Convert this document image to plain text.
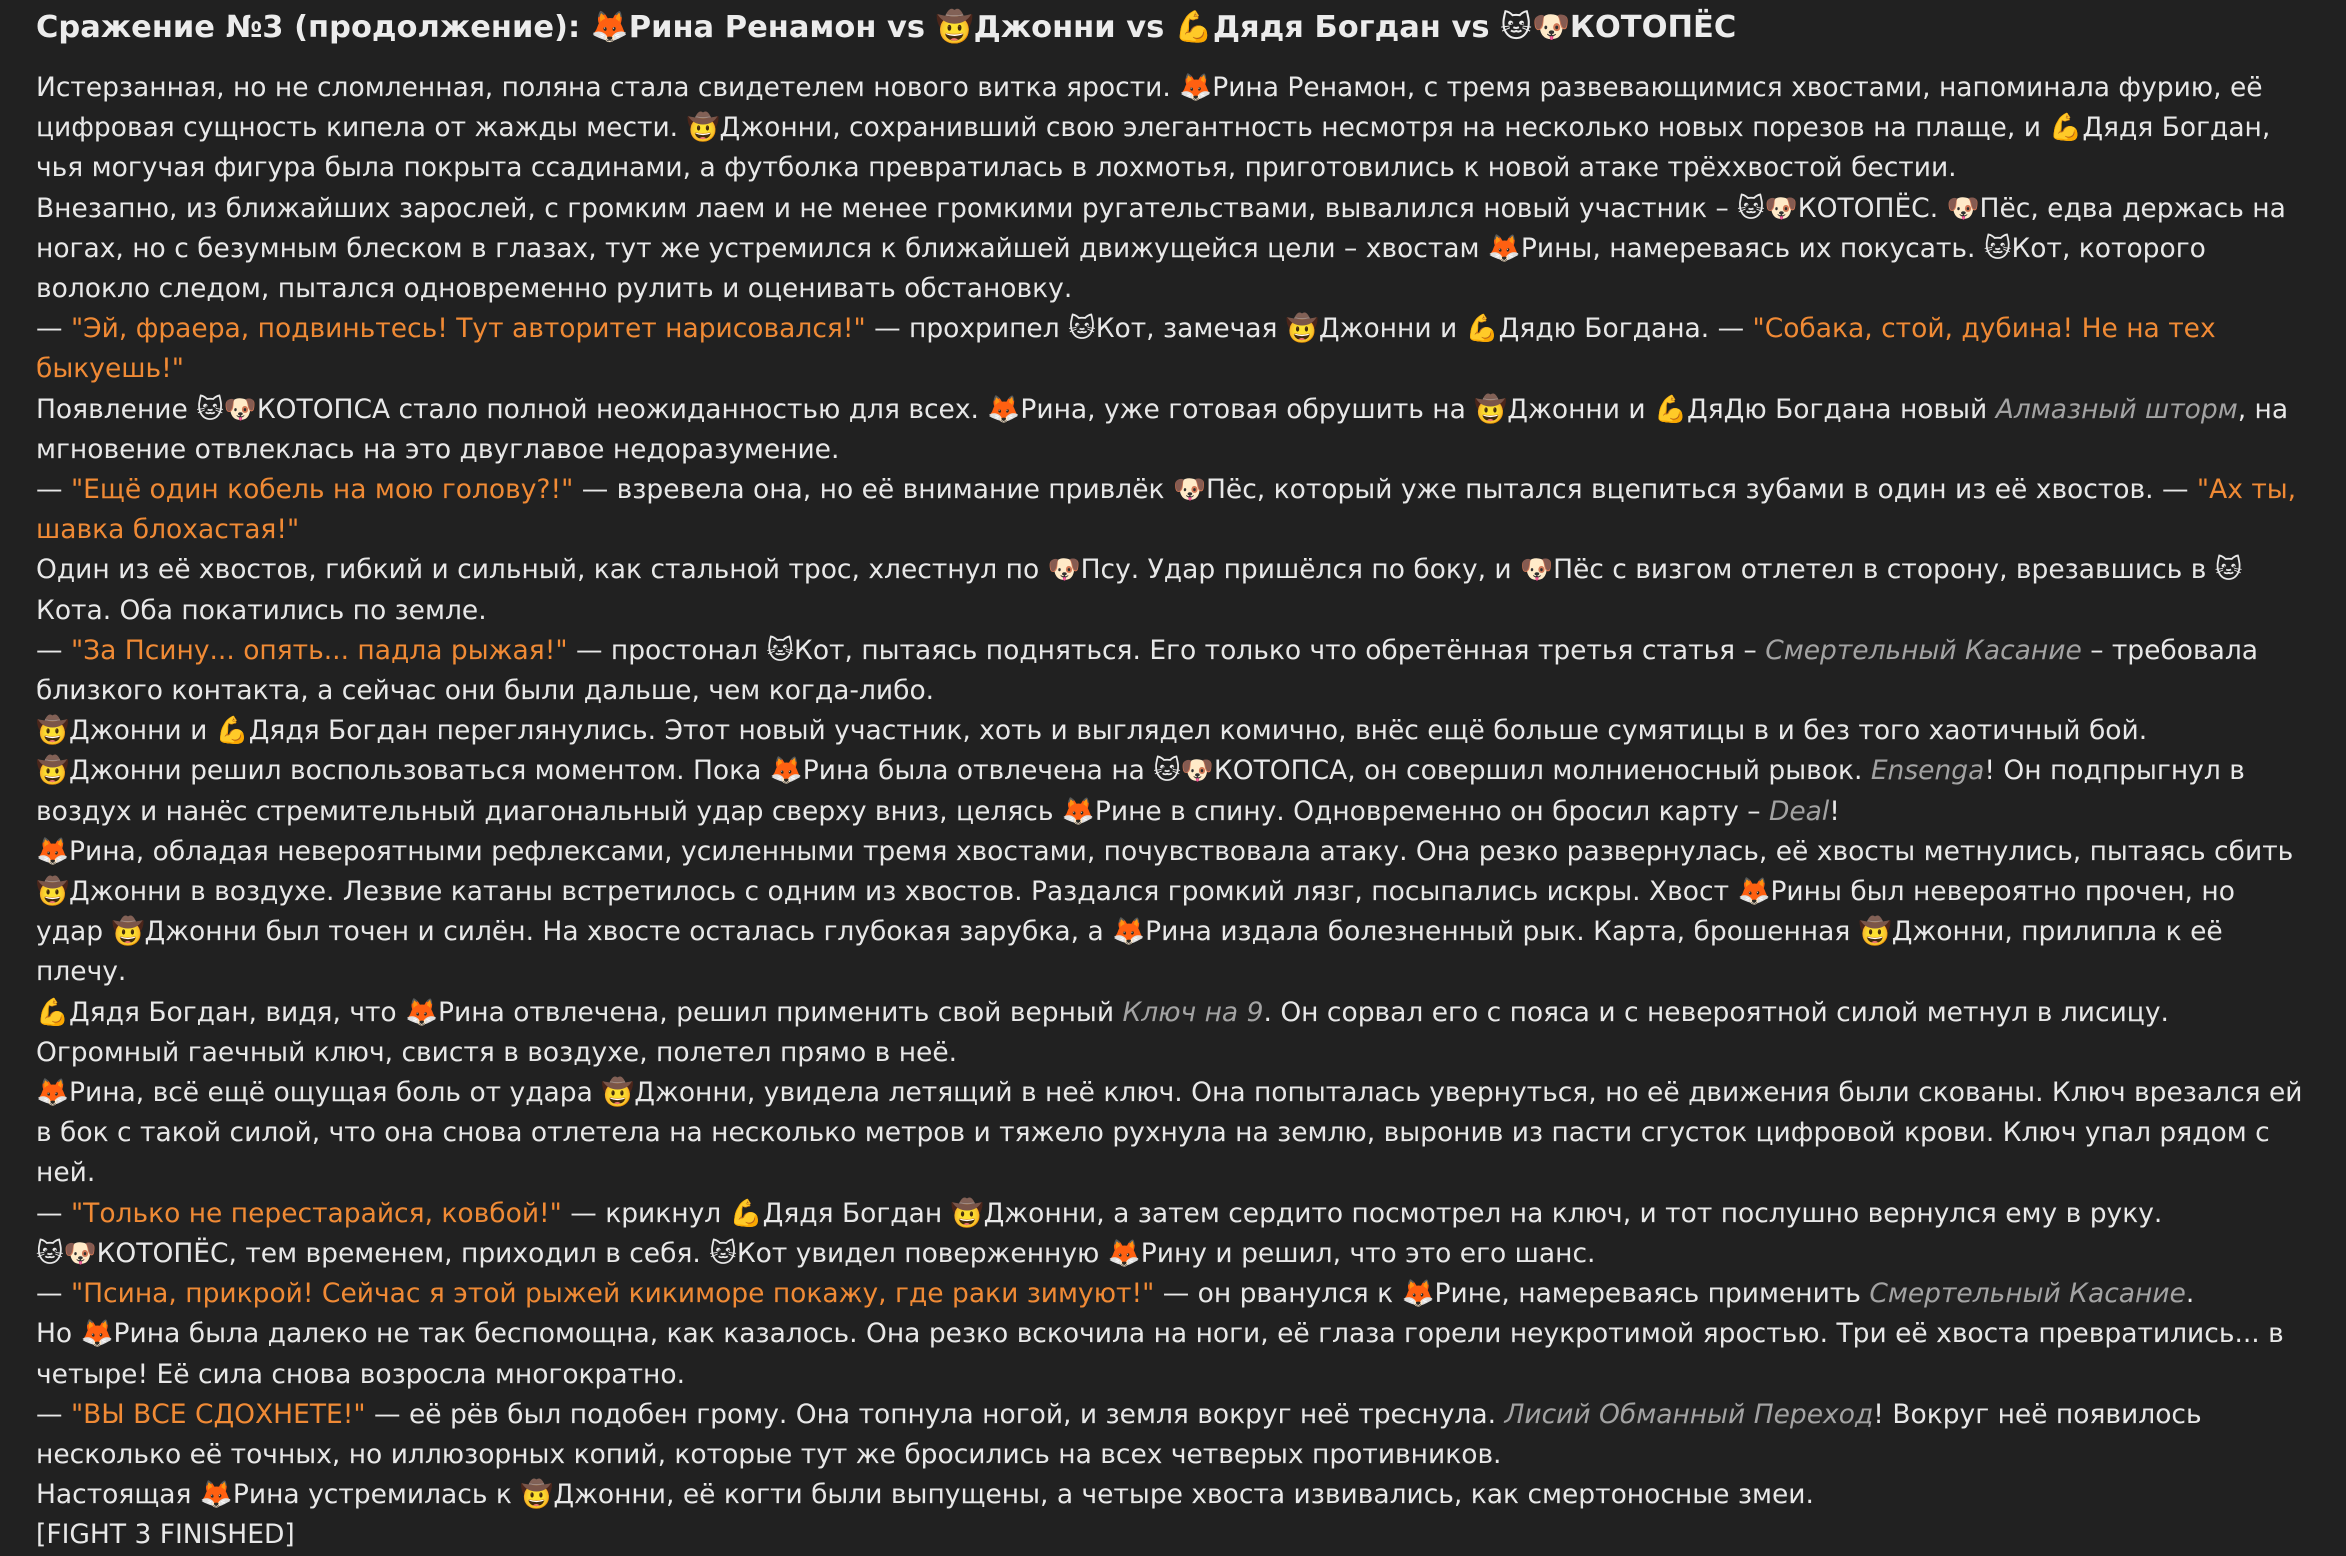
Сражение №3 (продолжение): 🦊Рина Ренамон vs 🤠Джонни vs 💪Дядя Богдан vs 🐱🐶КОТОПЁС

Истерзанная, но не сломленная, поляна стала свидетелем нового витка ярости. 🦊Рина Ренамон, с тремя развевающимися хвостами, напоминала фурию, её цифровая сущность кипела от жажды мести. 🤠Джонни, сохранивший свою элегантность несмотря на несколько новых порезов на плаще, и 💪Дядя Богдан, чья могучая фигура была покрыта ссадинами, а футболка превратилась в лохмотья, приготовились к новой атаке трёххвостой бестии.

Внезапно, из ближайших зарослей, с громким лаем и не менее громкими ругательствами, вывалился новый участник – 🐱🐶КОТОПЁС. 🐶Пёс, едва держась на ногах, но с безумным блеском в глазах, тут же устремился к ближайшей движущейся цели – хвостам 🦊Рины, намереваясь их покусать. 🐱Кот, которого волокло следом, пытался одновременно рулить и оценивать обстановку.

— "Эй, фраера, подвиньтесь! Тут авторитет нарисовался!" — прохрипел 🐱Кот, замечая 🤠Джонни и 💪Дядю Богдана. — "Собака, стой, дубина! Не на тех быкуешь!"

Появление 🐱🐶КОТОПСА стало полной неожиданностью для всех. 🦊Рина, уже готовая обрушить на 🤠Джонни и 💪ДяДю Богдана новый Алмазный шторм, на мгновение отвлеклась на это двуглавое недоразумение.

— "Ещё один кобель на мою голову?!" — взревела она, но её внимание привлёк 🐶Пёс, который уже пытался вцепиться зубами в один из её хвостов. — "Ах ты, шавка блохастая!"

Один из её хвостов, гибкий и сильный, как стальной трос, хлестнул по 🐶Псу. Удар пришёлся по боку, и 🐶Пёс с визгом отлетел в сторону, врезавшись в 🐱Кота. Оба покатились по земле.

— "За Псину... опять... падла рыжая!" — простонал 🐱Кот, пытаясь подняться. Его только что обретённая третья статья – Смертельный Касание – требовала близкого контакта, а сейчас они были дальше, чем когда-либо.

🤠Джонни и 💪Дядя Богдан переглянулись. Этот новый участник, хоть и выглядел комично, внёс ещё больше сумятицы в и без того хаотичный бой.

🤠Джонни решил воспользоваться моментом. Пока 🦊Рина была отвлечена на 🐱🐶КОТОПСА, он совершил молниеносный рывок. Ensenga! Он подпрыгнул в воздух и нанёс стремительный диагональный удар сверху вниз, целясь 🦊Рине в спину. Одновременно он бросил карту – Deal!

🦊Рина, обладая невероятными рефлексами, усиленными тремя хвостами, почувствовала атаку. Она резко развернулась, её хвосты метнулись, пытаясь сбить 🤠Джонни в воздухе. Лезвие катаны встретилось с одним из хвостов. Раздался громкий лязг, посыпались искры. Хвост 🦊Рины был невероятно прочен, но удар 🤠Джонни был точен и силён. На хвосте осталась глубокая зарубка, а 🦊Рина издала болезненный рык. Карта, брошенная 🤠Джонни, прилипла к её плечу.

💪Дядя Богдан, видя, что 🦊Рина отвлечена, решил применить свой верный Ключ на 9. Он сорвал его с пояса и с невероятной силой метнул в лисицу. Огромный гаечный ключ, свистя в воздухе, полетел прямо в неё.

🦊Рина, всё ещё ощущая боль от удара 🤠Джонни, увидела летящий в неё ключ. Она попыталась увернуться, но её движения были скованы. Ключ врезался ей в бок с такой силой, что она снова отлетела на несколько метров и тяжело рухнула на землю, выронив из пасти сгусток цифровой крови. Ключ упал рядом с ней.

— "Только не перестарайся, ковбой!" — крикнул 💪Дядя Богдан 🤠Джонни, а затем сердито посмотрел на ключ, и тот послушно вернулся ему в руку.

🐱🐶КОТОПЁС, тем временем, приходил в себя. 🐱Кот увидел поверженную 🦊Рину и решил, что это его шанс.

— "Псина, прикрой! Сейчас я этой рыжей кикиморе покажу, где раки зимуют!" — он рванулся к 🦊Рине, намереваясь применить Смертельный Касание.

Но 🦊Рина была далеко не так беспомощна, как казалось. Она резко вскочила на ноги, её глаза горели неукротимой яростью. Три её хвоста превратились... в четыре! Её сила снова возросла многократно.

— "ВЫ ВСЕ СДОХНЕТЕ!" — её рёв был подобен грому. Она топнула ногой, и земля вокруг неё треснула. Лисий Обманный Переход! Вокруг неё появилось несколько её точных, но иллюзорных копий, которые тут же бросились на всех четверых противников.

Настоящая 🦊Рина устремилась к 🤠Джонни, её когти были выпущены, а четыре хвоста извивались, как смертоносные змеи.

[FIGHT 3 FINISHED]
